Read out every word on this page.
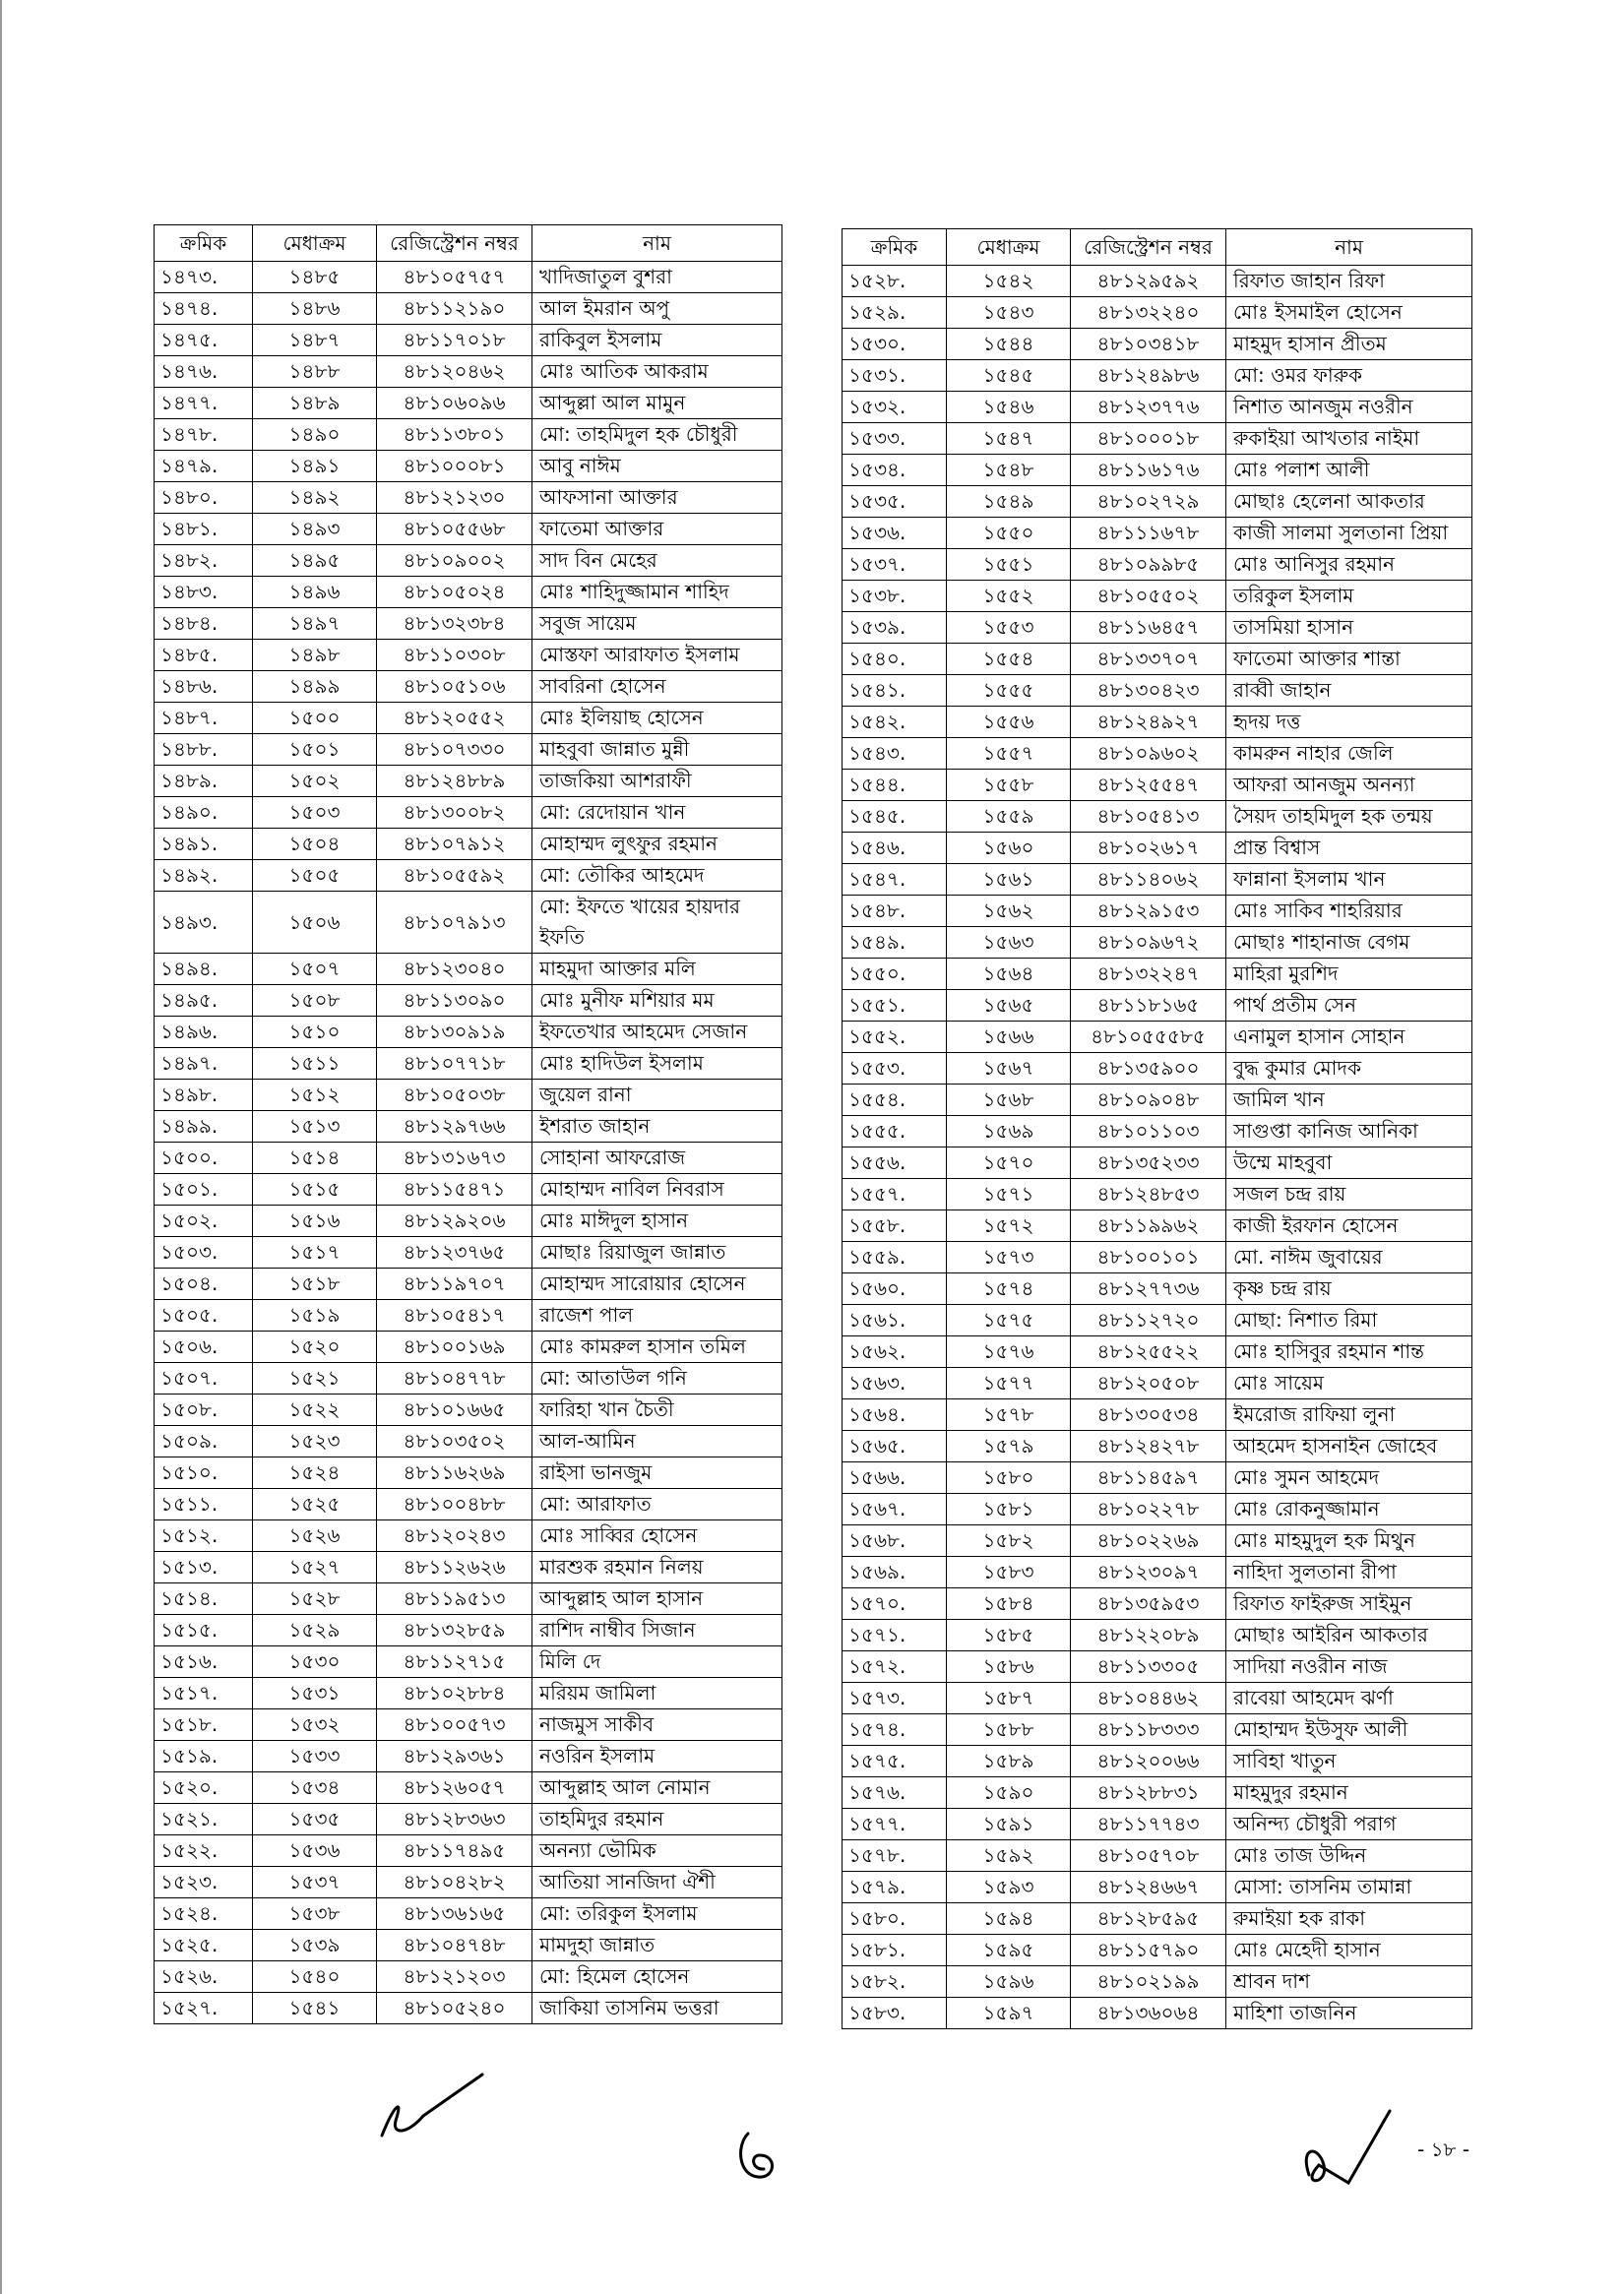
ক্রমিক	মেধাক্রম	রেজিস্ট্রেশন নম্বর	নাম
১৪৭৩.	১৪৮৫	৪৮১০৫৭৫৭	খাদিজাতুল বুশরা
১৪৭৪.	১৪৮৬	৪৮১১২১৯০	আল ইমরান অপু
১৪৭৫.	১৪৮৭	৪৮১১৭০১৮	রাকিবুল ইসলাম
১৪৭৬.	১৪৮৮	৪৮১২০৪৬২	মোঃ আতিক আকরাম
১৪৭৭.	১৪৮৯	৪৮১০৬০৯৬	আব্দুল্লা আল মামুন
১৪৭৮.	১৪৯০	৪৮১১৩৮০১	মো: তাহমিদুল হক চৌধুরী
১৪৭৯.	১৪৯১	৪৮১০০০৮১	আবু নাঈম
১৪৮০.	১৪৯২	৪৮১২১২৩০	আফসানা আক্তার
১৪৮১.	১৪৯৩	৪৮১০৫৫৬৮	ফাতেমা আক্তার
১৪৮২.	১৪৯৫	৪৮১০৯০০২	সাদ বিন মেহের
১৪৮৩.	১৪৯৬	৪৮১০৫০২৪	মোঃ শাহিদুজ্জামান শাহিদ
১৪৮৪.	১৪৯৭	৪৮১৩২৩৮৪	সবুজ সায়েম
১৪৮৫.	১৪৯৮	৪৮১১০৩০৮	মোস্তফা আরাফাত ইসলাম
১৪৮৬.	১৪৯৯	৪৮১০৫১০৬	সাবরিনা হোসেন
১৪৮৭.	১৫০০	৪৮১২০৫৫২	মোঃ ইলিয়াছ হোসেন
১৪৮৮.	১৫০১	৪৮১০৭৩৩০	মাহবুবা জান্নাত মুন্নী
১৪৮৯.	১৫০২	৪৮১২৪৮৮৯	তাজকিয়া আশরাফী
১৪৯০.	১৫০৩	৪৮১৩০০৮২	মো: রেদোয়ান খান
১৪৯১.	১৫০৪	৪৮১০৭৯১২	মোহাম্মদ লুৎফুর রহমান
১৪৯২.	১৫০৫	৪৮১০৫৫৯২	মো: তৌকির আহমেদ
১৪৯৩.	১৫০৬	৪৮১০৭৯১৩	মো: ইফতে খায়ের হায়দার ইফতি
১৪৯৪.	১৫০৭	৪৮১২৩০৪০	মাহমুদা আক্তার মলি
১৪৯৫.	১৫০৮	৪৮১১৩০৯০	মোঃ মুনীফ মশিয়ার মম
১৪৯৬.	১৫১০	৪৮১৩০৯১৯	ইফতেখার আহমেদ সেজান
১৪৯৭.	১৫১১	৪৮১০৭৭১৮	মোঃ হাদিউল ইসলাম
১৪৯৮.	১৫১২	৪৮১০৫০৩৮	জুয়েল রানা
১৪৯৯.	১৫১৩	৪৮১২৯৭৬৬	ইশরাত জাহান
১৫০০.	১৫১৪	৪৮১৩১৬৭৩	সোহানা আফরোজ
১৫০১.	১৫১৫	৪৮১১৫৪৭১	মোহাম্মদ নাবিল নিবরাস
১৫০২.	১৫১৬	৪৮১২৯২০৬	মোঃ মাঈদুল হাসান
১৫০৩.	১৫১৭	৪৮১২৩৭৬৫	মোছাঃ রিয়াজুল জান্নাত
১৫০৪.	১৫১৮	৪৮১১৯৭০৭	মোহাম্মদ সারোয়ার হোসেন
১৫০৫.	১৫১৯	৪৮১০৫৪১৭	রাজেশ পাল
১৫০৬.	১৫২০	৪৮১০০১৬৯	মোঃ কামরুল হাসান তমিল
১৫০৭.	১৫২১	৪৮১০৪৭৭৮	মো: আতাউল গনি
১৫০৮.	১৫২২	৪৮১০১৬৬৫	ফারিহা খান চৈতী
১৫০৯.	১৫২৩	৪৮১০৩৫০২	আল-আমিন
১৫১০.	১৫২৪	৪৮১১৬২৬৯	রাইসা ভানজুম
১৫১১.	১৫২৫	৪৮১০০৪৮৮	মো: আরাফাত
১৫১২.	১৫২৬	৪৮১২০২৪৩	মোঃ সাব্বির হোসেন
১৫১৩.	১৫২৭	৪৮১১২৬২৬	মারশুক রহমান নিলয়
১৫১৪.	১৫২৮	৪৮১১৯৫১৩	আব্দুল্লাহ আল হাসান
১৫১৫.	১৫২৯	৪৮১৩২৮৫৯	রাশিদ নাম্বীব সিজান
১৫১৬.	১৫৩০	৪৮১১২৭১৫	মিলি দে
১৫১৭.	১৫৩১	৪৮১০২৮৮৪	মরিয়ম জামিলা
১৫১৮.	১৫৩২	৪৮১০০৫৭৩	নাজমুস সাকীব
১৫১৯.	১৫৩৩	৪৮১২৯৩৬১	নওরিন ইসলাম
১৫২০.	১৫৩৪	৪৮১২৬০৫৭	আব্দুল্লাহ আল নোমান
১৫২১.	১৫৩৫	৪৮১২৮৩৬৩	তাহমিদুর রহমান
১৫২২.	১৫৩৬	৪৮১১৭৪৯৫	অনন্যা ভৌমিক
১৫২৩.	১৫৩৭	৪৮১০৪২৮২	আতিয়া সানজিদা ঐশী
১৫২৪.	১৫৩৮	৪৮১৩৬১৬৫	মো: তরিকুল ইসলাম
১৫২৫.	১৫৩৯	৪৮১০৪৭৪৮	মামদুহা জান্নাত
১৫২৬.	১৫৪০	৪৮১২১২০৩	মো: হিমেল হোসেন
১৫২৭.	১৫৪১	৪৮১০৫২৪০	জাকিয়া তাসনিম ভত্তরা
ক্রমিক	মেধাক্রম	রেজিস্ট্রেশন নম্বর	নাম
১৫২৮.	১৫৪২	৪৮১২৯৫৯২	রিফাত জাহান রিফা
১৫২৯.	১৫৪৩	৪৮১৩২২৪০	মোঃ ইসমাইল হোসেন
১৫৩০.	১৫৪৪	৪৮১০৩৪১৮	মাহমুদ হাসান প্রীতম
১৫৩১.	১৫৪৫	৪৮১২৪৯৮৬	মো: ওমর ফারুক
১৫৩২.	১৫৪৬	৪৮১২৩৭৭৬	নিশাত আনজুম নওরীন
১৫৩৩.	১৫৪৭	৪৮১০০০১৮	রুকাইয়া আখতার নাইমা
১৫৩৪.	১৫৪৮	৪৮১১৬১৭৬	মোঃ পলাশ আলী
১৫৩৫.	১৫৪৯	৪৮১০২৭২৯	মোছাঃ হেলেনা আকতার
১৫৩৬.	১৫৫০	৪৮১১১৬৭৮	কাজী সালমা সুলতানা প্রিয়া
১৫৩৭.	১৫৫১	৪৮১০৯৯৮৫	মোঃ আনিসুর রহমান
১৫৩৮.	১৫৫২	৪৮১০৫৫০২	তরিকুল ইসলাম
১৫৩৯.	১৫৫৩	৪৮১১৬৪৫৭	তাসমিয়া হাসান
১৫৪০.	১৫৫৪	৪৮১৩৩৭০৭	ফাতেমা আক্তার শান্তা
১৫৪১.	১৫৫৫	৪৮১৩০৪২৩	রাব্বী জাহান
১৫৪২.	১৫৫৬	৪৮১২৪৯২৭	হৃদয় দত্ত
১৫৪৩.	১৫৫৭	৪৮১০৯৬০২	কামরুন নাহার জেলি
১৫৪৪.	১৫৫৮	৪৮১২৫৫৪৭	আফরা আনজুম অনন্যা
১৫৪৫.	১৫৫৯	৪৮১০৫৪১৩	সৈয়দ তাহমিদুল হক তন্ময়
১৫৪৬.	১৫৬০	৪৮১০২৬১৭	প্রান্ত বিশ্বাস
১৫৪৭.	১৫৬১	৪৮১১৪০৬২	ফান্নানা ইসলাম খান
১৫৪৮.	১৫৬২	৪৮১২৯১৫৩	মোঃ সাকিব শাহরিয়ার
১৫৪৯.	১৫৬৩	৪৮১০৯৬৭২	মোছাঃ শাহানাজ বেগম
১৫৫০.	১৫৬৪	৪৮১৩২২৪৭	মাহিরা মুরশিদ
১৫৫১.	১৫৬৫	৪৮১১৮১৬৫	পার্থ প্রতীম সেন
১৫৫২.	১৫৬৬	৪৮১০৫৫৫৮৫	এনামুল হাসান সোহান
১৫৫৩.	১৫৬৭	৪৮১৩৫৯০০	বুদ্ধ কুমার মোদক
১৫৫৪.	১৫৬৮	৪৮১০৯০৪৮	জামিল খান
১৫৫৫.	১৫৬৯	৪৮১০১১০৩	সাগুপ্তা কানিজ আনিকা
১৫৫৬.	১৫৭০	৪৮১৩৫২৩৩	উম্মে মাহবুবা
১৫৫৭.	১৫৭১	৪৮১২৪৮৫৩	সজল চন্দ্র রায়
১৫৫৮.	১৫৭২	৪৮১১৯৯৬২	কাজী ইরফান হোসেন
১৫৫৯.	১৫৭৩	৪৮১০০১০১	মো. নাঈম জুবায়ের
১৫৬০.	১৫৭৪	৪৮১২৭৭৩৬	কৃষ্ণ চন্দ্র রায়
১৫৬১.	১৫৭৫	৪৮১১২৭২০	মোছা: নিশাত রিমা
১৫৬২.	১৫৭৬	৪৮১২৫৫২২	মোঃ হাসিবুর রহমান শান্ত
১৫৬৩.	১৫৭৭	৪৮১২০৫০৮	মোঃ সায়েম
১৫৬৪.	১৫৭৮	৪৮১৩০৫৩৪	ইমরোজ রাফিয়া লুনা
১৫৬৫.	১৫৭৯	৪৮১২৪২৭৮	আহমেদ হাসনাইন জোহেব
১৫৬৬.	১৫৮০	৪৮১১৪৫৯৭	মোঃ সুমন আহমেদ
১৫৬৭.	১৫৮১	৪৮১০২২৭৮	মোঃ রোকনুজ্জামান
১৫৬৮.	১৫৮২	৪৮১০২২৬৯	মোঃ মাহমুদুল হক মিথুন
১৫৬৯.	১৫৮৩	৪৮১২৩০৯৭	নাহিদা সুলতানা রীপা
১৫৭০.	১৫৮৪	৪৮১৩৫৯৫৩	রিফাত ফাইরুজ সাইমুন
১৫৭১.	১৫৮৫	৪৮১২২০৮৯	মোছাঃ আইরিন আকতার
১৫৭২.	১৫৮৬	৪৮১১৩৩০৫	সাদিয়া নওরীন নাজ
১৫৭৩.	১৫৮৭	৪৮১০৪৪৬২	রাবেয়া আহমেদ ঝর্ণা
১৫৭৪.	১৫৮৮	৪৮১১৮৩৩৩	মোহাম্মদ ইউসুফ আলী
১৫৭৫.	১৫৮৯	৪৮১২০০৬৬	সাবিহা খাতুন
১৫৭৬.	১৫৯০	৪৮১২৮৮৩১	মাহমুদুর রহমান
১৫৭৭.	১৫৯১	৪৮১১৭৭৪৩	অনিন্দ্য চৌধুরী পরাগ
১৫৭৮.	১৫৯২	৪৮১০৫৭০৮	মোঃ তাজ উদ্দিন
১৫৭৯.	১৫৯৩	৪৮১২৪৬৬৭	মোসা: তাসনিম তামান্না
১৫৮০.	১৫৯৪	৪৮১২৮৫৯৫	রুমাইয়া হক রাকা
১৫৮১.	১৫৯৫	৪৮১১৫৭৯০	মোঃ মেহেদী হাসান
১৫৮২.	১৫৯৬	৪৮১০২১৯৯	শ্রাবন দাশ
১৫৮৩.	১৫৯৭	৪৮১৩৬০৬৪	মাহিশা তাজনিন
- ১৮ -
